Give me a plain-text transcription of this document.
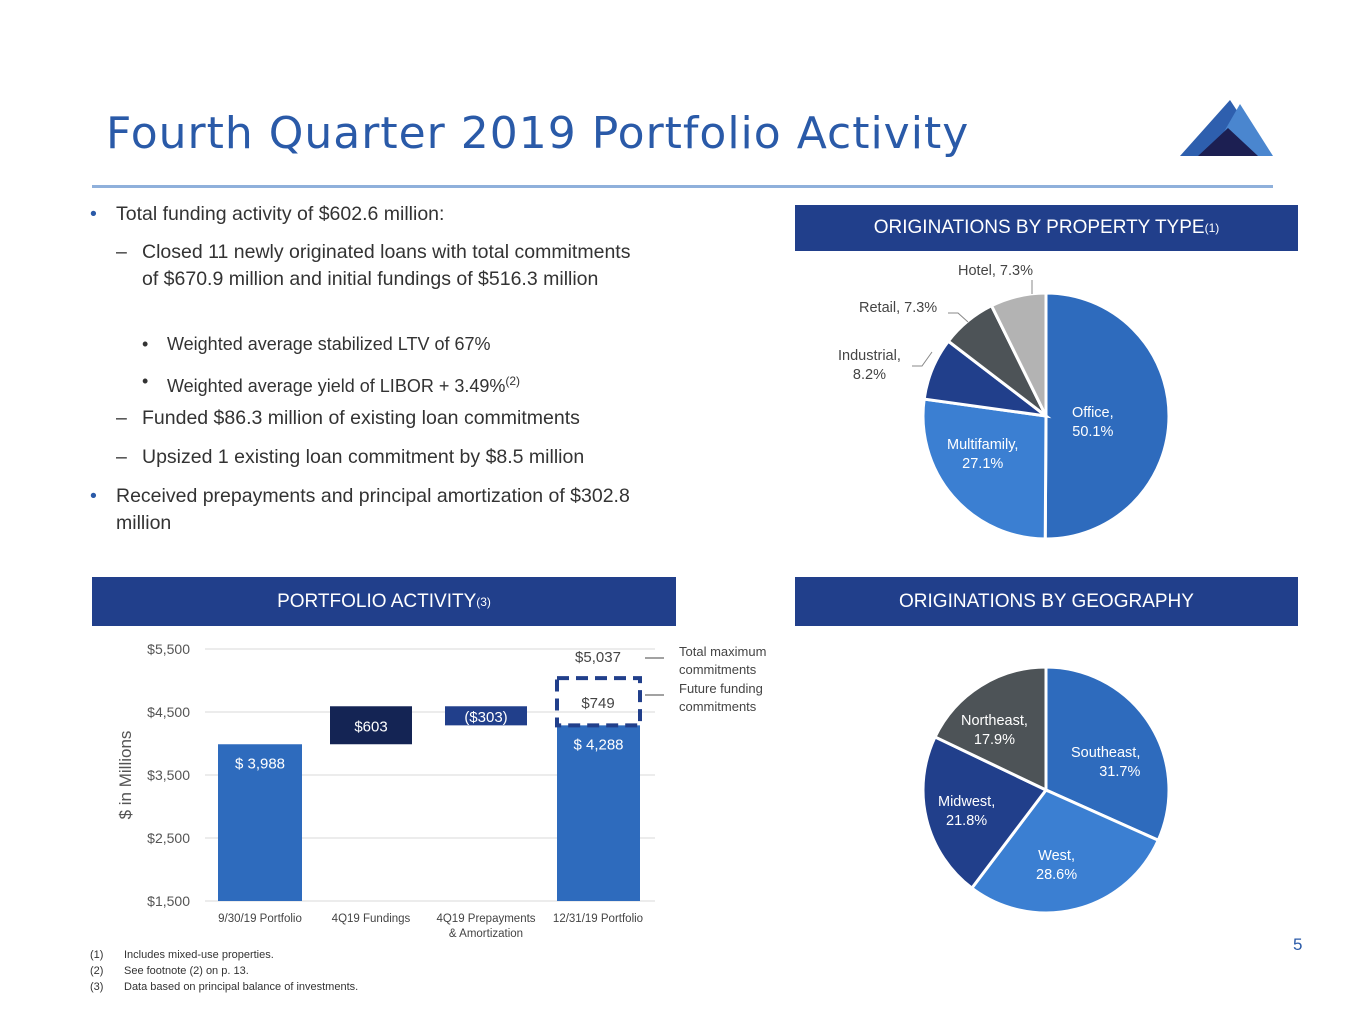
Fourth Quarter 2019 Portfolio Activity
• Total funding activity of $602.6 million:
– Closed 11 newly originated loans with total commitments of $670.9 million and initial fundings of $516.3 million
• Weighted average stabilized LTV of 67%
• Weighted average yield of LIBOR + 3.49%$^{(2)}$
– Funded $86.3 million of existing loan commitments
– Upsized 1 existing loan commitment by $8.5 million
• Received prepayments and principal amortization of $302.8 million
ORIGINATIONS BY PROPERTY TYPE (1)
PORTFOLIO ACTIVITY (3)	ORIGINATIONS BY GEOGRAPHY
$1,500
$2,500
$3,500
$4,500
$5,500
$ in Millions	$ 3,988
$603
($303)
$ 4,288
9/30/19 Portfolio	4Q19 Fundings 4Q19 Prepayments 12/31/19 Portfolio
& Amortization
$749
$5,037	Total maximum
commitments
Future funding
commitments
Hotel, 7.3%
Retail, 7.3%
Industrial,
8.2%
Office,
50.1%
Multifamily,
27.1%
Northeast,
17.9%
Southeast,
31.7%
Midwest,
21.8%
West,
28.6%
5
(1) Includes mixed-use properties.
(2) See footnote (2) on p. 13.
(3) Data based on principal balance of investments.
